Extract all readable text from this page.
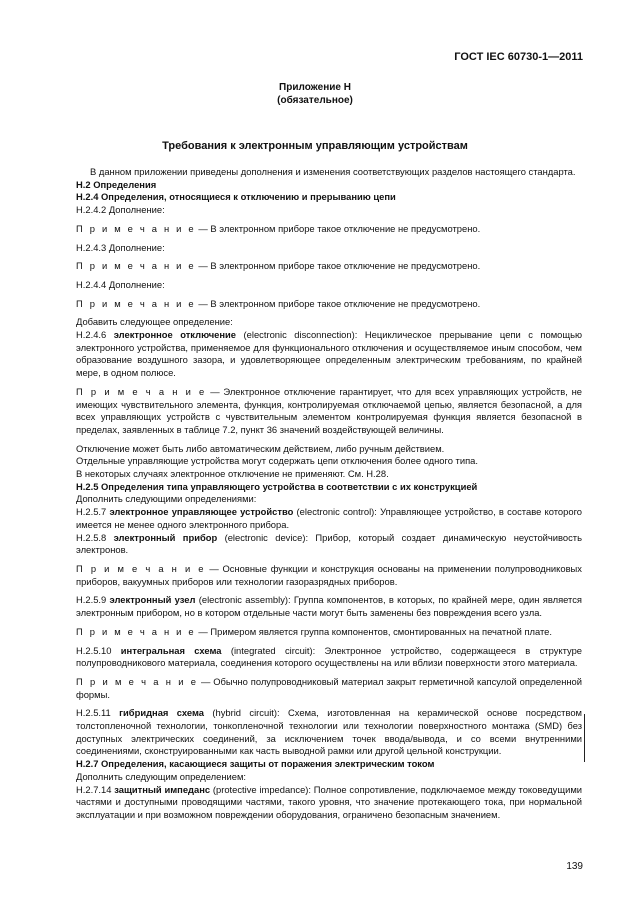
ГОСТ IEC 60730-1—2011
Приложение Н
(обязательное)
Требования к электронным управляющим устройствам

В данном приложении приведены дополнения и изменения соответствующих разделов настоящего стандарта.

Н.2 Определения

Н.2.4 Определения, относящиеся к отключению и прерыванию цепи

Н.2.4.2 Дополнение:

П р и м е ч а н и е — В электронном приборе такое отключение не предусмотрено.

Н.2.4.3 Дополнение:

П р и м е ч а н и е — В электронном приборе такое отключение не предусмотрено.

Н.2.4.4 Дополнение:

П р и м е ч а н и е — В электронном приборе такое отключение не предусмотрено.

Добавить следующее определение:

Н.2.4.6 электронное отключение (electronic disconnection): Нециклическое прерывание цепи с помощью электронного устройства, применяемое для функционального отключения и осуществляемое иным способом, чем образование воздушного зазора, и удовлетворяющее определенным электрическим требованиям, по крайней мере, в одном полюсе.

П р и м е ч а н и е — Электронное отключение гарантирует, что для всех управляющих устройств, не имеющих чувствительного элемента, функция, контролируемая отключаемой цепью, является безопасной, а для всех управляющих устройств с чувствительным элементом контролируемая функция является безопасной в пределах, заявленных в таблице 7.2, пункт 36 значений воздействующей величины.

Отключение может быть либо автоматическим действием, либо ручным действием.

Отдельные управляющие устройства могут содержать цепи отключения более одного типа.

В некоторых случаях электронное отключение не применяют. См. Н.28.

Н.2.5 Определения типа управляющего устройства в соответствии с их конструкцией

Дополнить следующими определениями:

Н.2.5.7 электронное управляющее устройство (electronic control): Управляющее устройство, в составе которого имеется не менее одного электронного прибора.

Н.2.5.8 электронный прибор (electronic device): Прибор, который создает динамическую неустойчивость электронов.

П р и м е ч а н и е — Основные функции и конструкция основаны на применении полупроводниковых приборов, вакуумных приборов или технологии газоразрядных приборов.

Н.2.5.9 электронный узел (electronic assembly): Группа компонентов, в которых, по крайней мере, один является электронным прибором, но в котором отдельные части могут быть заменены без повреждения всего узла.

П р и м е ч а н и е — Примером является группа компонентов, смонтированных на печатной плате.

Н.2.5.10 интегральная схема (integrated circuit): Электронное устройство, содержащееся в структуре полупроводникового материала, соединения которого осуществлены на или вблизи поверхности этого материала.

П р и м е ч а н и е — Обычно полупроводниковый материал закрыт герметичной капсулой определенной формы.

Н.2.5.11 гибридная схема (hybrid circuit): Схема, изготовленная на керамической основе посредством толстопленочной технологии, тонкопленочной технологии или технологии поверхностного монтажа (SMD) без доступных электрических соединений, за исключением точек ввода/вывода, и со всеми внутренними соединениями, сконструированными как часть выводной рамки или другой цельной конструкции.

Н.2.7 Определения, касающиеся защиты от поражения электрическим током

Дополнить следующим определением:

Н.2.7.14 защитный импеданс (protective impedance): Полное сопротивление, подключаемое между токоведущими частями и доступными проводящими частями, такого уровня, что значение протекающего тока, при нормальной эксплуатации и при возможном повреждении оборудования, ограничено безопасным значением.

139
